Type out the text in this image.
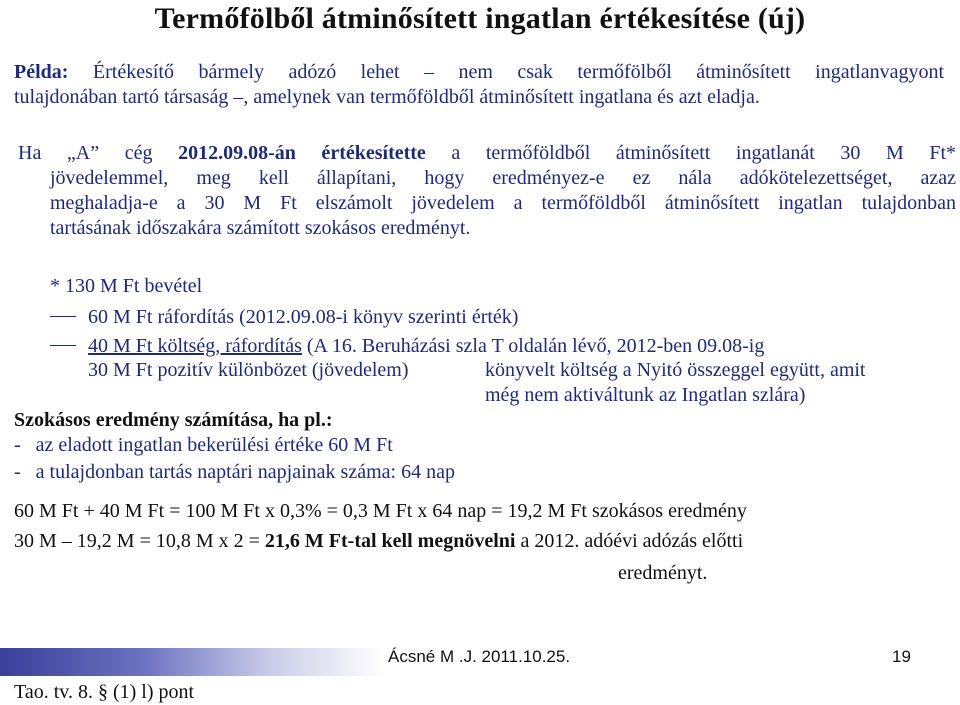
Termőfölből átminősített ingatlan értékesítése (új)
Példa: Értékesítő bármely adózó lehet – nem csak termőfölből átminősített ingatlanvagyont
tulajdonában tartó társaság –, amelynek van termőföldből átminősített ingatlana és azt eladja.
Ha „A” cég 2012.09.08-án értékesítette a termőföldből átminősített ingatlanát 30 M Ft*
jövedelemmel, meg kell állapítani, hogy eredményez-e ez nála adókötelezettséget, azaz
meghaladja-e a 30 M Ft elszámolt jövedelem a termőföldből átminősített ingatlan tulajdonban
tartásának időszakára számított szokásos eredményt.
* 130 M Ft bevétel
60 M Ft ráfordítás (2012.09.08-i könyv szerinti érték)
40 M Ft költség, ráfordítás (A 16. Beruházási szla T oldalán lévő, 2012-ben 09.08-ig
30 M Ft pozitív különbözet (jövedelem)	könyvelt költség a Nyitó összeggel együtt, amit
még nem aktiváltunk az Ingatlan szlára)
Szokásos eredmény számítása, ha pl.:
-   az eladott ingatlan bekerülési értéke 60 M Ft
-   a tulajdonban tartás naptári napjainak száma: 64 nap
60 M Ft + 40 M Ft = 100 M Ft x 0,3% = 0,3 M Ft x 64 nap = 19,2 M Ft szokásos eredmény
30 M – 19,2 M = 10,8 M x 2 = 21,6 M Ft-tal kell megnövelni a 2012. adóévi adózás előtti
eredményt.
Ácsné M .J. 2011.10.25.	19
Tao. tv. 8. § (1) l) pont
